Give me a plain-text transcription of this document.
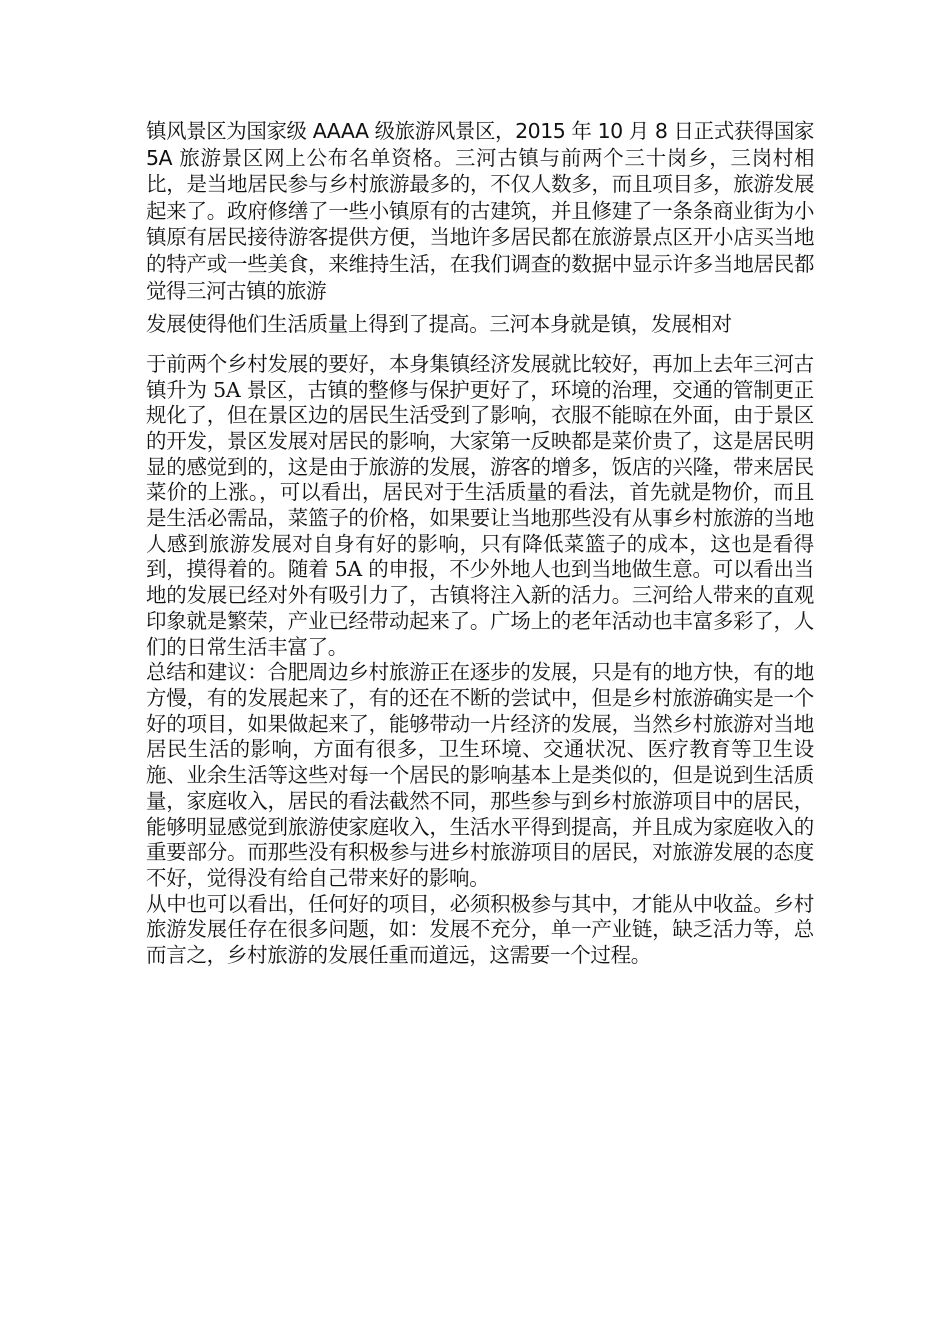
镇风景区为国家级 AAAA 级旅游风景区，2015 年 10 月 8 日正式获得国家 5A 旅游景区网上公布名单资格。三河古镇与前两个三十岗乡，三岗村相比，是当地居民参与乡村旅游最多的，不仅人数多，而且项目多，旅游发展起来了。政府修缮了一些小镇原有的古建筑，并且修建了一条条商业街为小镇原有居民接待游客提供方便，当地许多居民都在旅游景点区开小店买当地的特产或一些美食，来维持生活，在我们调查的数据中显示许多当地居民都觉得三河古镇的旅游

发展使得他们生活质量上得到了提高。三河本身就是镇，发展相对

于前两个乡村发展的要好，本身集镇经济发展就比较好，再加上去年三河古镇升为 5A 景区，古镇的整修与保护更好了，环境的治理，交通的管制更正规化了，但在景区边的居民生活受到了影响，衣服不能晾在外面，由于景区的开发，景区发展对居民的影响，大家第一反映都是菜价贵了，这是居民明显的感觉到的，这是由于旅游的发展，游客的增多，饭店的兴隆，带来居民菜价的上涨。，可以看出，居民对于生活质量的看法，首先就是物价，而且是生活必需品，菜篮子的价格，如果要让当地那些没有从事乡村旅游的当地人感到旅游发展对自身有好的影响，只有降低菜篮子的成本，这也是看得到，摸得着的。随着 5A 的申报，不少外地人也到当地做生意。可以看出当地的发展已经对外有吸引力了，古镇将注入新的活力。三河给人带来的直观印象就是繁荣，产业已经带动起来了。广场上的老年活动也丰富多彩了，人们的日常生活丰富了。

总结和建议：合肥周边乡村旅游正在逐步的发展，只是有的地方快，有的地方慢，有的发展起来了，有的还在不断的尝试中，但是乡村旅游确实是一个好的项目，如果做起来了，能够带动一片经济的发展，当然乡村旅游对当地居民生活的影响，方面有很多，卫生环境、交通状况、医疗教育等卫生设施、业余生活等这些对每一个居民的影响基本上是类似的，但是说到生活质量，家庭收入，居民的看法截然不同，那些参与到乡村旅游项目中的居民，能够明显感觉到旅游使家庭收入，生活水平得到提高，并且成为家庭收入的重要部分。而那些没有积极参与进乡村旅游项目的居民，对旅游发展的态度不好，觉得没有给自己带来好的影响。

从中也可以看出，任何好的项目，必须积极参与其中，才能从中收益。乡村旅游发展任存在很多问题，如：发展不充分，单一产业链，缺乏活力等，总而言之，乡村旅游的发展任重而道远，这需要一个过程。
